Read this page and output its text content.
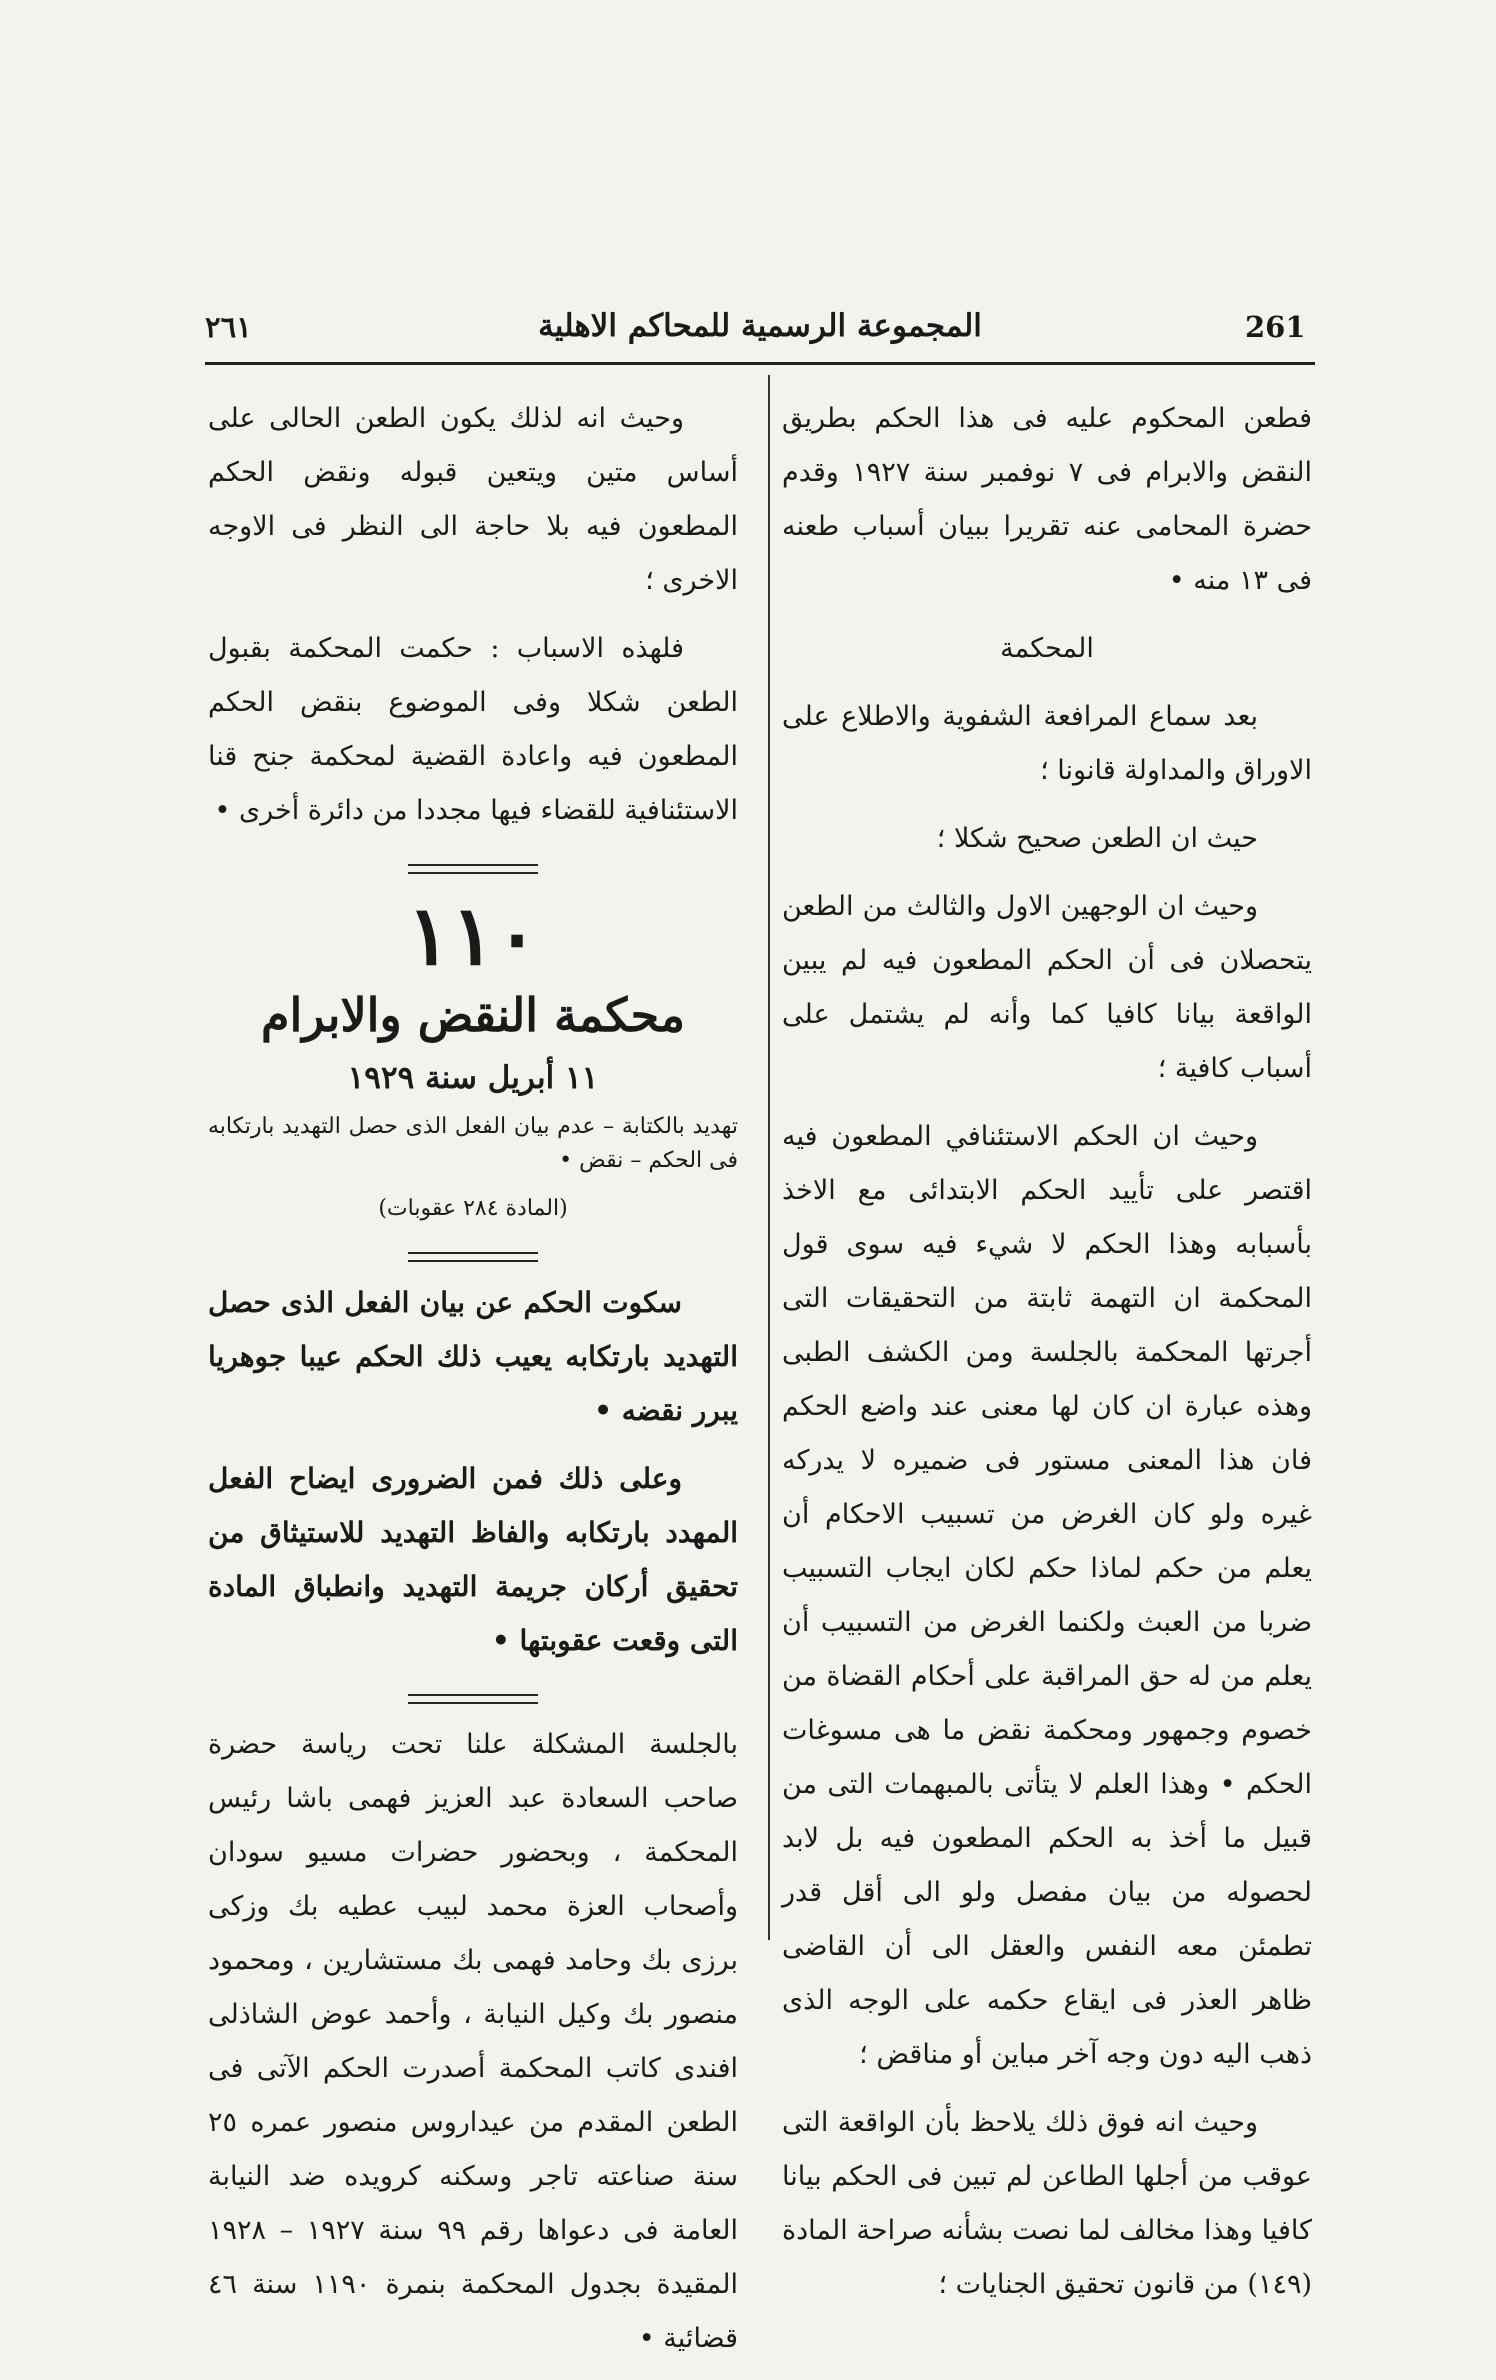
261
المجموعة الرسمية للمحاكم الاهلية
٢٦١

فطعن المحكوم عليه فى هذا الحكم بطريق النقض والابرام فى ٧ نوفمبر سنة ١٩٢٧ وقدم حضرة المحامى عنه تقريرا ببيان أسباب طعنه فى ١٣ منه •

المحكمة

بعد سماع المرافعة الشفوية والاطلاع على الاوراق والمداولة قانونا ؛

حيث ان الطعن صحيح شكلا ؛

وحيث ان الوجهين الاول والثالث من الطعن يتحصلان فى أن الحكم المطعون فيه لم يبين الواقعة بيانا كافيا كما وأنه لم يشتمل على أسباب كافية ؛

وحيث ان الحكم الاستئنافي المطعون فيه اقتصر على تأييد الحكم الابتدائى مع الاخذ بأسبابه وهذا الحكم لا شيء فيه سوى قول المحكمة ان التهمة ثابتة من التحقيقات التى أجرتها المحكمة بالجلسة ومن الكشف الطبى وهذه عبارة ان كان لها معنى عند واضع الحكم فان هذا المعنى مستور فى ضميره لا يدركه غيره ولو كان الغرض من تسبيب الاحكام أن يعلم من حكم لماذا حكم لكان ايجاب التسبيب ضربا من العبث ولكنما الغرض من التسبيب أن يعلم من له حق المراقبة على أحكام القضاة من خصوم وجمهور ومحكمة نقض ما هى مسوغات الحكم • وهذا العلم لا يتأتى بالمبهمات التى من قبيل ما أخذ به الحكم المطعون فيه بل لابد لحصوله من بيان مفصل ولو الى أقل قدر تطمئن معه النفس والعقل الى أن القاضى ظاهر العذر فى ايقاع حكمه على الوجه الذى ذهب اليه دون وجه آخر مباين أو مناقض ؛

وحيث انه فوق ذلك يلاحظ بأن الواقعة التى عوقب من أجلها الطاعن لم تبين فى الحكم بيانا كافيا وهذا مخالف لما نصت بشأنه صراحة المادة (١٤٩) من قانون تحقيق الجنايات ؛

وحيث انه لذلك يكون الطعن الحالى على أساس متين ويتعين قبوله ونقض الحكم المطعون فيه بلا حاجة الى النظر فى الاوجه الاخرى ؛

فلهذه الاسباب : حكمت المحكمة بقبول الطعن شكلا وفى الموضوع بنقض الحكم المطعون فيه واعادة القضية لمحكمة جنح قنا الاستئنافية للقضاء فيها مجددا من دائرة أخرى •

١١٠
محكمة النقض والابرام
١١ أبريل سنة ١٩٢٩

تهديد بالكتابة – عدم بيان الفعل الذى حصل التهديد بارتكابه فى الحكم – نقض •

(المادة ٢٨٤ عقوبات)

سكوت الحكم عن بيان الفعل الذى حصل التهديد بارتكابه يعيب ذلك الحكم عيبا جوهريا يبرر نقضه •

وعلى ذلك فمن الضرورى ايضاح الفعل المهدد بارتكابه والفاظ التهديد للاستيثاق من تحقيق أركان جريمة التهديد وانطباق المادة التى وقعت عقوبتها •

بالجلسة المشكلة علنا تحت رياسة حضرة صاحب السعادة عبد العزيز فهمى باشا رئيس المحكمة ، وبحضور حضرات مسيو سودان وأصحاب العزة محمد لبيب عطيه بك وزكى برزى بك وحامد فهمى بك مستشارين ، ومحمود منصور بك وكيل النيابة ، وأحمد عوض الشاذلى افندى كاتب المحكمة أصدرت الحكم الآتى فى الطعن المقدم من عيداروس منصور عمره ٢٥ سنة صناعته تاجر وسكنه كرويده ضد النيابة العامة فى دعواها رقم ٩٩ سنة ١٩٢٧ – ١٩٢٨ المقيدة بجدول المحكمة بنمرة ١١٩٠ سنة ٤٦ قضائية •
